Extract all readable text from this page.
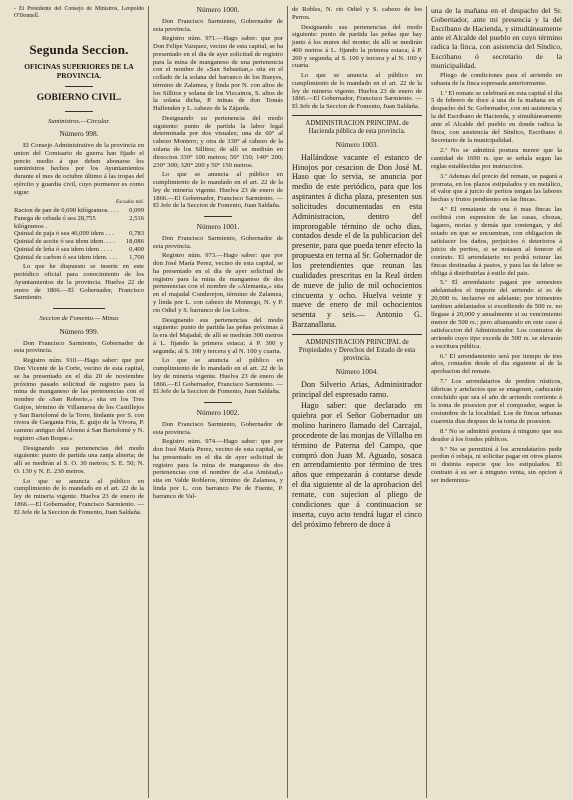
- El Presidente del Consejo de Ministros, Leopoldo O'Donnell.

Segunda Seccion.
OFICINAS SUPERIORES DE LA PROVINCIA.
GOBIERNO CIVIL.
Suministros.—Circular.
Número 998.

El Consejo Administrativo de la provincia en union del Comisario de guerra han fijado el precio medio á que deben abonarse los suministros hechos por los Ayuntamientos durante el mes de octubre último á las tropas del ejército y guardia civil, cuyo pormenor es como sigue:

Escudos mil.

Racion de pan de 0,690 kilógramos. . . .	0,099
Fanega de cebada ó sea 28,755 kilógramos .	2,516
Quintal de paja ó sea 46,009 idem . . .	0,783
Quintal de aceite ó sea idem idem. . . .	18,086
Quintal de leña ó sea idem idem . . . .	0,400
Quintal de carbon ó sea idem idem. . . .	1,700

Lo que he dispuesto se inserte en este periódico oficial para conocimiento de los Ayuntamientos de la provincia. Huelva 22 de enero de 1866.—El Gobernador, Francisco Sarmiento.

Seccion de Fomento.— Minas
Número 999.

Don Francisco Sarmiento, Gobernador de esta provincia.

Registro núm. 910.—Hago saber: que por Don Vicente de la Corte, vecino de esta capital, se ha presentado en el dia 20 de noviembre próximo pasado solicitud de registro para la mina de manganeso de las pertenencias con el nombre de «San Roberto,» sita en los Tres Guijos, término de Villanueva de los Castillejos y San Bartolomé de la Torre, lindante por S. con rivera de Garganta Fria, E. guijo de la Vivora, P. camino antiguo del Alosno á San Bartolomé y N. registro «San Roque.»

Designando sus pertenencias del modo siguiente: punto de partida una zanja abierta; de allí se medirán al S. O. 30 metros; S. E. 50; N. O. 130 y N. E. 230 metros.

Lo que se anuncia al público en cumplimiento de lo mandado en el art. 22 de la ley de mineria vigente. Huelva 23 de enero de 1866.—El Gobernador, Francisco Sarmiento. —El Jefe de la Seccion de Fomento, Juan Saldaña.

Número 1000.

Don Francisco Sarmiento, Gobernador de esta provincia.

Registro núm. 971.—Hago saber: que por Don Felipe Vazquez, vecino de esta capital, se ha presentado en el dia de ayer solicitud de registro para la mina de manganeso de una pertenencia con el nombre de «San Sebastian,» sita en el collado de la solana del barranco de los Bueyes, término de Zalamea, y linda por N. con altos de los Sillitos y solana de los Vizcainos, S. altos de la solana dicha, P. minas de don Tomás Halfenden y L. cabezo de la Zájarda.

Designando su pertenencia del modo siguiente: punto de partida la labor legal determinada por dos visuales; una de 60° al cabezo Montero; y otra de 330° al cabezo de la solana de los Sillitos; de allí se medirán en direccion 330° 100 metros; 50° 150; 140° 200; 230° 300; 320° 200 y 50° 150 metros.

Lo que se anuncia al público en cumplimiento de lo mandado en el art. 22 de la ley de mineria vigente. Huelva 23 de enero de 1866.—El Gobernador, Francisco Sarmiento. —El Jefe de la Seccion de Fomento, Juan Saldaña.

Número 1001.

Don Francisco Sarmiento, Gobernador de esta provincia.

Registro núm. 973.—Hago saber: que por don José María Perez, vecino de esta capital, se ha presentado en el dia de ayer solicitud de registro para la mina de manganeso de dos pertenencias con el nombre de «Alemania,» sita en el majadal Conderejon, término de Zalamea, y linda por L. con cabezo de Monnego, N. y P. rio Odiel y S. barranco de los Lobos.

Designando sus pertenencias del modo siguiente: punto de partida las peñas próximas á la era del Majadal; de allí se medirán 300 metros á L. fijando la primera estaca; á P. 300 y segunda; al S. 100 y tercera y al N. 100 y cuarta.

Lo que se anuncia al público en cumplimiento de lo mandado en el art. 22 de la ley de mineria vigente. Huelva 23 de enero de 1866.—El Gobernador, Francisco Sarmiento. —El Jefe de la Seccion de Fomento, Juan Saldaña.

Número 1002.

Don Francisco Sarmiento, Gobernador de esta provincia.

Registro núm. 974.—Hago saber: que por don José María Perez, vecino de esta capital, se ha presentado en el dia de ayer solicitud de registro para la mina de manganeso de dos pertenencias con el nombre de «La Amistad,» sita en Valde Robleros, término de Zalamea, y linda por L. con barranco Pie de Fuente, P. barranco de Val-

de Robles, N. rio Odiel y S. cabezo de los Perros.

Designando sus pertenencias del modo siguiente: punto de partida las peñas que hay junto á los mures del monte; de allí se medirán 400 metros á L. fijando la primera estaca; á P. 200 y segunda; al S. 100 y tercera y al N. 100 y cuarta.

Lo que se anuncia al público en cumplimiento de lo mandado en el art. 22 de la ley de mineria vigente. Huelva 23 de enero de 1866.—El Gobernador, Francisco Sarmiento. —El Jefe de la Seccion de Fomento, Juan Saldaña.

ADMINISTRACION PRINCIPAL de Hacienda pública de esta provincia.

Número 1003.

Hallándose vacante el estanco de Hinojos por cesacion de Don José M. Haso que lo servia, se anuncia por medio de este periódico, para que los aspirantes á dicha plaza, presenten sus solicitudes documentadas en esta Administracion, dentro del improrogable término de ocho dias, contados desde el de la publicacion del presente, para que pueda tener efecto la propuesta en terna al Sr. Gobernador de los pretendientes que reunan las cualidades prescritas en la Real órden de nueve de julio de mil ochocientos cincuenta y ocho. Huelva veinte y nueve de enero de mil ochocientos sesenta y seis.— Antonio G. Barzanallana.

ADMINISTRACION PRINCIPAL de Propiedades y Derechos del Estado de esta provincia.

Número 1004.

Don Silverio Arias, Administrador principal del espresado ramo.

Hago saber: que declarado en quiebra por el Señor Gobernador un molino harinero llamado del Carcajal, procedente de las monjas de Villalba en término de Paterna del Campo, que compró don Juan M. Aguado, sosaca en arrendamiento por término de tres años que empezarán á contarse desde el dia siguiente al de la aprobacion del remate, con sujecion al pliego de condiciones que á continuacion se inserta, cuyo acto tendrá lugar el cinco del próximo febrero de doce á

una de la mañana en el despacho del Sr. Gobernador, ante mi presencia y la del Escribano de Hacienda, y simultáneamente ante el Alcalde del pueblo en cuyo término radica la finca, con asistencia del Síndico, Escribano ó secretario de la municipalidad.

Pliego de condiciones para el arriendo en subasta de la finca espresada anteriormente.

1.ª El remate se celebrará en esta capital el dia 5 de febrero de doce á una de la mañana en el despacho del Sr. Gobernador, con mi asistencia y la del Escribano de Hacienda, y simultáneamente ante el Alcalde del pueblo en donde radica la finca, con asistencia del Síndico, Escribano ó Secretario de la municipalidad.

2.ª No se admitirá postura menor que la cantidad de 1690 rs. que se señala segun las reglas establecidas por instruccion.

3.ª Ademas del precio del remate, se pagará a prorrata, en los plazos estipulados y en metálico, el valor que á juicio de peritos tengan las labores hechas y frutos pendientes en las fincas.

4.ª El rematante de una ó mas fincas las recibirá con espresion de las casas, chozas, lagares, norias y demás que contengan, y del estado en que se encuentran, con obligacion de satisfacer los daños, perjuicios ó deterioros á juicio de peritos, si se notasen al fenecer el contrato. El arrendatario no podrá roturar las fincas destinadas á pastos, y para las de labor se obliga á distribuirlas á estilo del pais.

5.ª El arrendatario pagará por semestres adelantados el importe del arriendo si es de 20,000 rs. inclusive en adelante; por trimestres tambien adelantados si excediendo de 500 rs. no llegase á 20,000 y anualmente si su vencimiento menor de 500 rs.; pero afianzando en este caso á satisfaccion del Administrador. Los contratos de arriendo cuyo tipo exceda de 500 rs. se elevarán a escritura pública.

6.ª El arrendamiento será por tiempo de tres años, contados desde el dia siguiente al de la aprobacion del remate.

7.ª Los arrendatarios de predios rústicos, fábricas y artefactos que se enagenen, caducarán concluido que sea el año de arriendo corriente á la toma de posesion por el comprador, segun la costumbre de la localidad. Los de fincas urbanas cuarenta dias despues de la toma de posesion.

8.ª No se admitirá postura á ninguno que sea deudor á los fondos públicos.

9.ª No se permitirá á los arrendatarios pedir perdon ó rebaja, ni solicitar pagar en otros plazos ni distinta especie que los estipulados. El contrato á su ser á ninguno venta, sin opcion á ser indemniza-
